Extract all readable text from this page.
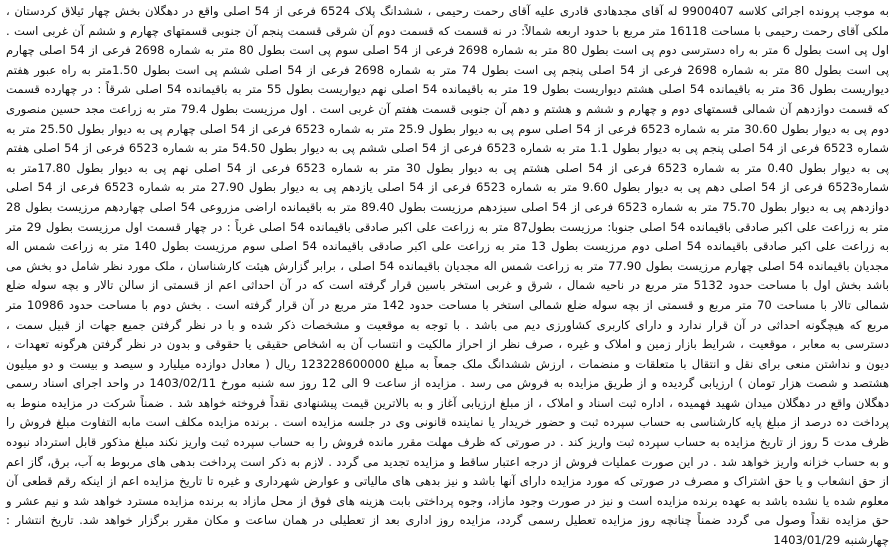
به موجب پرونده اجرائی کلاسه 9900407 له آقای مجدهادی قادری علیه آقای رحمت رحیمی ، ششدانگ پلاک 6524 فرعی از 54 اصلی واقع در دهگلان بخش چهار ئیلاق کردستان ، ملکی آقای رحمت رحیمی با مساحت 16118 متر مربع با حدود اربعه شمالاً: در نه قسمت که قسمت دوم آن شرقی قسمت پنجم آن جنوبی قسمتهای چهارم و ششم آن غربی است . اول پی است بطول 6 متر به راه دسترسی دوم پی است بطول 80 متر به شماره 2698 فرعی از 54 اصلی سوم پی است بطول 80 متر به شماره 2698 فرعی از 54 اصلی چهارم پی است بطول 80 متر به شماره 2698 فرعی از 54 اصلی پنجم پی است بطول 74 متر به شماره 2698 فرعی از 54 اصلی ششم پی است بطول 1.50متر به راه عبور هفتم دیواریست بطول 36 متر به باقیمانده 54 اصلی هشتم دیواریست بطول 19 متر به باقیمانده 54 اصلی نهم دیواریست بطول 55 متر به باقیمانده 54 اصلی شرقاً : در چهارده قسمت که قسمت دوازدهم آن شمالی قسمتهای دوم و چهارم و ششم و هشتم و دهم آن جنوبی قسمت هفتم آن غربی است . اول مرزیست بطول 79.4 متر به زراعت مجد حسین منصوری دوم پی به دیوار بطول 30.60 متر به شماره 6523 فرعی از 54 اصلی سوم پی به دیوار بطول 25.9 متر به شماره 6523 فرعی از 54 اصلی چهارم پی به دیوار بطول 25.50 متر به شماره 6523 فرعی از 54 اصلی پنجم پی به دیوار بطول 1.1 متر به شماره 6523 فرعی از 54 اصلی ششم پی به دیوار بطول 54.50 متر به شماره 6523 فرعی از 54 اصلی هفتم پی به دیوار بطول 0.40 متر به شماره 6523 فرعی از 54 اصلی هشتم پی به دیوار بطول 30 متر به شماره 6523 فرعی از 54 اصلی نهم پی به دیوار بطول 17.80متر به شماره6523 فرعی از 54 اصلی دهم پی به دیوار بطول 9.60 متر به شماره 6523 فرعی از 54 اصلی یازدهم پی به دیوار بطول 27.90 متر به شماره 6523 فرعی از 54 اصلی دوازدهم پی به دیوار بطول 75.70 متر به شماره 6523 فرعی از 54 اصلی سیزدهم مرزیست بطول 89.40 متر به باقیمانده اراضی مزروعی 54 اصلی چهاردهم مرزیست بطول 28 متر به زراعت علی اکبر صادقی باقیمانده 54 اصلی جنوبا: مرزیست بطول87 متر به زراعت علی اکبر صادقی باقیمانده 54 اصلی غرباً : در چهار قسمت اول مرزیست بطول 29 متر به زراعت علی اکبر صادقی باقیمانده 54 اصلی دوم مرزیست بطول 13 متر به زراعت علی اکبر صادقی باقیمانده 54 اصلی سوم مرزیست بطول 140 متر به زراعت شمس اله مجدیان باقیمانده 54 اصلی چهارم مرزیست بطول 77.90 متر به زراعت شمس اله مجدیان باقیمانده 54 اصلی ، برابر گزارش هیئت کارشناسان ، ملک مورد نظر شامل دو بخش می باشد بخش اول با مساحت حدود 5132 متر مربع در ناحیه شمال ، شرق و غربی استخر باسین قرار گرفته است که در آن احداثی اعم از قسمتی از سالن تالار و بچه سوله ضلع شمالی تالار با مساحت 70 متر مربع و قسمتی از بچه سوله ضلع شمالی استخر با مساحت حدود 142 متر مربع در آن قرار گرفته است . بخش دوم با مساحت حدود 10986 متر مربع که هیچگونه احداثی در آن قرار ندارد و دارای کاربری کشاورزی دیم می باشد . با توجه به موقعیت و مشخصات ذکر شده و با در نظر گرفتن جمیع جهات از قبیل سمت ، دسترسی به معابر ، موقعیت ، شرایط بازار زمین و املاک و غیره ، صرف نظر از احراز مالکیت و انتساب آن به اشخاص حقیقی یا حقوقی و بدون در نظر گرفتن هرگونه تعهدات ، دیون و نداشتن منعی برای نقل و انتقال با متعلقات و منضمات ، ارزش ششدانگ ملک جمعاً به مبلغ 123228600000 ریال ( معادل دوازده میلیارد و سیصد و بیست و دو میلیون هشتصد و شصت هزار تومان ) ارزیابی گردیده و از طریق مزایده به فروش می رسد . مزایده از ساعت 9 الی 12 روز سه شنبه مورخ 1403/02/11 در واحد اجرای اسناد رسمی دهگلان واقع در دهگلان میدان شهید فهمیده ، اداره ثبت اسناد و املاک ، از مبلغ ارزیابی آغاز و به بالاترین قیمت پیشنهادی نقداً فروخته خواهد شد . ضمناً شرکت در مزایده منوط به پرداخت ده درصد از مبلغ پایه کارشناسی به حساب سپرده ثبت و حضور خریدار یا نماینده قانونی وی در جلسه مزایده است . برنده مزایده مکلف است مابه التفاوت مبلغ فروش را ظرف مدت 5 روز از تاریخ مزایده به حساب سپرده ثبت واریز کند . در صورتی که ظرف مهلت مقرر مانده فروش را به حساب سپرده ثبت واریز نکند مبلغ مذکور قابل استرداد نبوده و به حساب خزانه واریز خواهد شد . در این صورت عملیات فروش از درجه اعتبار ساقط و مزایده تجدید می گردد . لازم به ذکر است پرداخت بدهی های مربوط به آب، برق، گاز اعم از حق انشعاب و یا حق اشتراک و مصرف در صورتی که مورد مزایده دارای آنها باشد و نیز بدهی های مالیاتی و عوارض شهرداری و غیره تا تاریخ مزایده اعم از اینکه رقم قطعی آن معلوم شده یا نشده باشد به عهده برنده مزایده است و نیز در صورت وجود مازاد، وجوه پرداختی بابت هزینه های فوق از محل مازاد به برنده مزایده مسترد خواهد شد و نیم عشر و حق مزایده نقداً وصول می گردد ضمناً چنانچه روز مزایده تعطیل رسمی گردد، مزایده روز اداری بعد از تعطیلی در همان ساعت و مکان مقرر برگزار خواهد شد. تاریخ انتشار : چهارشنبه 1403/01/29
